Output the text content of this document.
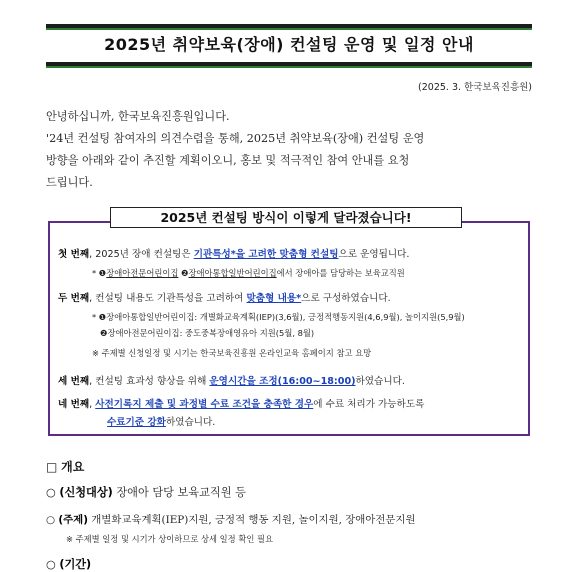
2025년 취약보육(장애) 컨설팅 운영 및 일정 안내
(2025. 3. 한국보육진흥원)
안녕하십니까, 한국보육진흥원입니다.
'24년 컨설팅 참여자의 의견수렴을 통해, 2025년 취약보육(장애) 컨설팅 운영
방향을 아래와 같이 추진할 계획이오니, 홍보 및 적극적인 참여 안내를 요청
드립니다.
2025년 컨설팅 방식이 이렇게 달라졌습니다!
첫 번째, 2025년 장애 컨설팅은 기관특성*을 고려한 맞춤형 컨설팅으로 운영됩니다.
* ❶장애아전문어린이집 ❷장애아통합일반어린이집에서 장애아를 담당하는 보육교직원
두 번째, 컨설팅 내용도 기관특성을 고려하여 맞춤형 내용*으로 구성하였습니다.
* ❶장애아통합일반어린이집: 개별화교육계획(IEP)(3,6월), 긍정적행동지원(4,6,9월), 놀이지원(5,9월)
❷장애아전문어린이집: 중도중복장애영유아 지원(5월, 8월)
※ 주제별 신청일정 및 시기는 한국보육진흥원 온라인교육 홈페이지 참고 요망
세 번째, 컨설팅 효과성 향상을 위해 운영시간을 조정(16:00~18:00)하였습니다.
네 번째, 사전기록지 제출 및 과정별 수료 조건을 충족한 경우에 수료 처리가 가능하도록
수료기준 강화하였습니다.
□ 개요
○ (신청대상) 장애아 담당 보육교직원 등
○ (주제) 개별화교육계획(IEP)지원, 긍정적 행동 지원, 놀이지원, 장애아전문지원
※ 주제별 일정 및 시기가 상이하므로 상세 일정 확인 필요
○ (기간)
